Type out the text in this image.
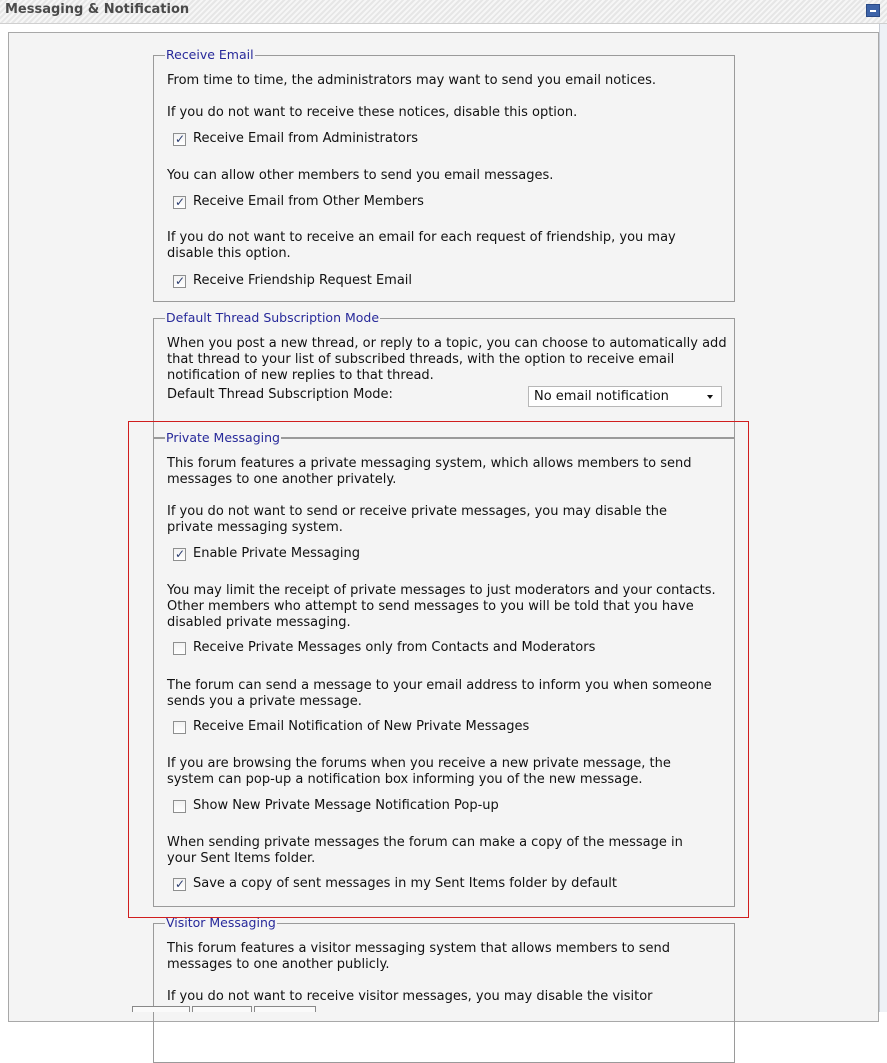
Messaging & Notification
Receive Email
From time to time, the administrators may want to send you email notices.
If you do not want to receive these notices, disable this option.
✓
Receive Email from Administrators
You can allow other members to send you email messages.
✓
Receive Email from Other Members
If you do not want to receive an email for each request of friendship, you may disable this option.
✓
Receive Friendship Request Email
Default Thread Subscription Mode
When you post a new thread, or reply to a topic, you can choose to automatically add that thread to your list of subscribed threads, with the option to receive email notification of new replies to that thread.
Default Thread Subscription Mode:	No email notification
Private Messaging
This forum features a private messaging system, which allows members to send messages to one another privately.
If you do not want to send or receive private messages, you may disable the private messaging system.
✓
Enable Private Messaging
You may limit the receipt of private messages to just moderators and your contacts. Other members who attempt to send messages to you will be told that you have disabled private messaging.
Receive Private Messages only from Contacts and Moderators
The forum can send a message to your email address to inform you when someone sends you a private message.
Receive Email Notification of New Private Messages
If you are browsing the forums when you receive a new private message, the system can pop-up a notification box informing you of the new message.
Show New Private Message Notification Pop-up
When sending private messages the forum can make a copy of the message in your Sent Items folder.
✓
Save a copy of sent messages in my Sent Items folder by default
Visitor Messaging
This forum features a visitor messaging system that allows members to send messages to one another publicly.
If you do not want to receive visitor messages, you may disable the visitor
